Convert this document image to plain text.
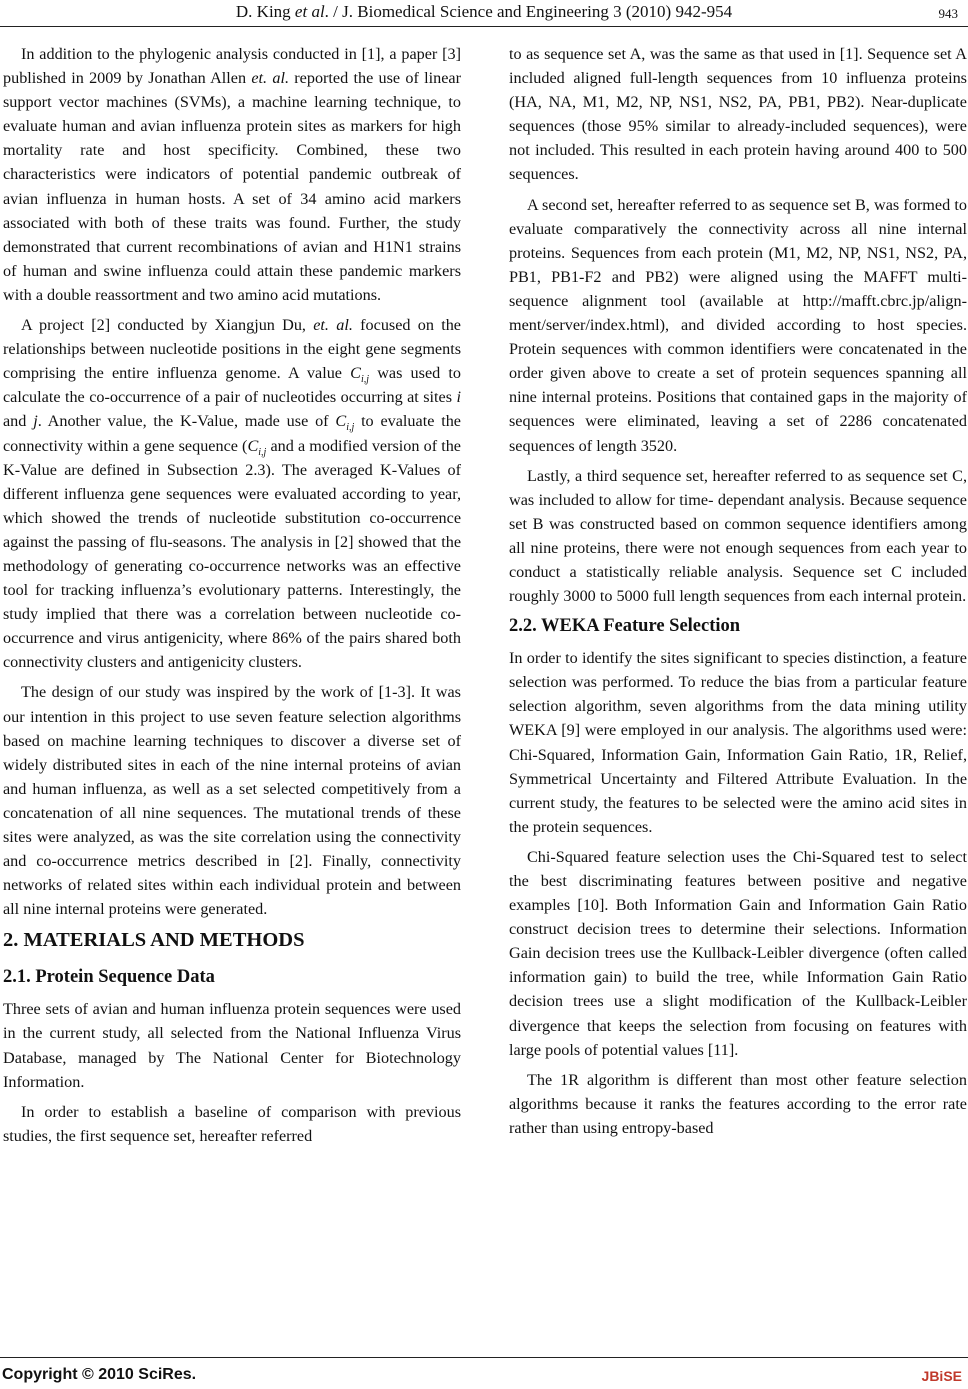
D. King et al. / J. Biomedical Science and Engineering 3 (2010) 942-954	943

In addition to the phylogenic analysis conducted in [1], a paper [3] published in 2009 by Jonathan Allen et. al. reported the use of linear support vector machines (SVMs), a machine learning technique, to evaluate human and avian influenza protein sites as markers for high mortality rate and host specificity. Combined, these two characteristics were indicators of potential pandemic outbreak of avian influenza in human hosts. A set of 34 amino acid markers associated with both of these traits was found. Further, the study demonstrated that current recombinations of avian and H1N1 strains of human and swine influenza could attain these pandemic markers with a double reassortment and two amino acid mutations.

A project [2] conducted by Xiangjun Du, et. al. focused on the relationships between nucleotide positions in the eight gene segments comprising the entire influenza genome. A value $C_{i,j}$ was used to calculate the co-occurrence of a pair of nucleotides occurring at sites i and j. Another value, the K-Value, made use of $C_{i,j}$ to evaluate the connectivity within a gene sequence ($C_{i,j}$ and a modified version of the K-Value are defined in Subsection 2.3). The averaged K-Values of different influenza gene sequences were evaluated according to year, which showed the trends of nucleotide substitution co-occurrence against the passing of flu-seasons. The analysis in [2] showed that the methodology of generating co-occurrence networks was an effective tool for tracking influenza’s evolutionary patterns. Interestingly, the study implied that there was a correlation between nucleotide co-occurrence and virus antigenicity, where 86% of the pairs shared both connectivity clusters and antigenicity clusters.

The design of our study was inspired by the work of [1-3]. It was our intention in this project to use seven feature selection algorithms based on machine learning techniques to discover a diverse set of widely distributed sites in each of the nine internal proteins of avian and human influenza, as well as a set selected competitively from a concatenation of all nine sequences. The mutational trends of these sites were analyzed, as was the site correlation using the connectivity and co-occurrence metrics described in [2]. Finally, connectivity networks of related sites within each individual protein and between all nine internal proteins were generated.

2. MATERIALS AND METHODS
2.1. Protein Sequence Data

Three sets of avian and human influenza protein sequences were used in the current study, all selected from the National Influenza Virus Database, managed by The National Center for Biotechnology Information.

In order to establish a baseline of comparison with previous studies, the first sequence set, hereafter referred

to as sequence set A, was the same as that used in [1]. Sequence set A included aligned full-length sequences from 10 influenza proteins (HA, NA, M1, M2, NP, NS1, NS2, PA, PB1, PB2). Near-duplicate sequences (those 95% similar to already-included sequences), were not included. This resulted in each protein having around 400 to 500 sequences.

A second set, hereafter referred to as sequence set B, was formed to evaluate comparatively the connectivity across all nine internal proteins. Sequences from each protein (M1, M2, NP, NS1, NS2, PA, PB1, PB1-F2 and PB2) were aligned using the MAFFT multi-sequence alignment tool (available at http://mafft.cbrc.jp/alignment/server/index.html), and divided according to host species. Protein sequences with common identifiers were concatenated in the order given above to create a set of protein sequences spanning all nine internal proteins. Positions that contained gaps in the majority of sequences were eliminated, leaving a set of 2286 concatenated sequences of length 3520.

Lastly, a third sequence set, hereafter referred to as sequence set C, was included to allow for time- dependant analysis. Because sequence set B was constructed based on common sequence identifiers among all nine proteins, there were not enough sequences from each year to conduct a statistically reliable analysis. Sequence set C included roughly 3000 to 5000 full length sequences from each internal protein.

2.2. WEKA Feature Selection

In order to identify the sites significant to species distinction, a feature selection was performed. To reduce the bias from a particular feature selection algorithm, seven algorithms from the data mining utility WEKA [9] were employed in our analysis. The algorithms used were: Chi-Squared, Information Gain, Information Gain Ratio, 1R, Relief, Symmetrical Uncertainty and Filtered Attribute Evaluation. In the current study, the features to be selected were the amino acid sites in the protein sequences.

Chi-Squared feature selection uses the Chi-Squared test to select the best discriminating features between positive and negative examples [10]. Both Information Gain and Information Gain Ratio construct decision trees to determine their selections. Information Gain decision trees use the Kullback-Leibler divergence (often called information gain) to build the tree, while Information Gain Ratio decision trees use a slight modification of the Kullback-Leibler divergence that keeps the selection from focusing on features with large pools of potential values [11].

The 1R algorithm is different than most other feature selection algorithms because it ranks the features according to the error rate rather than using entropy-based

Copyright © 2010 SciRes.	JBiSE
